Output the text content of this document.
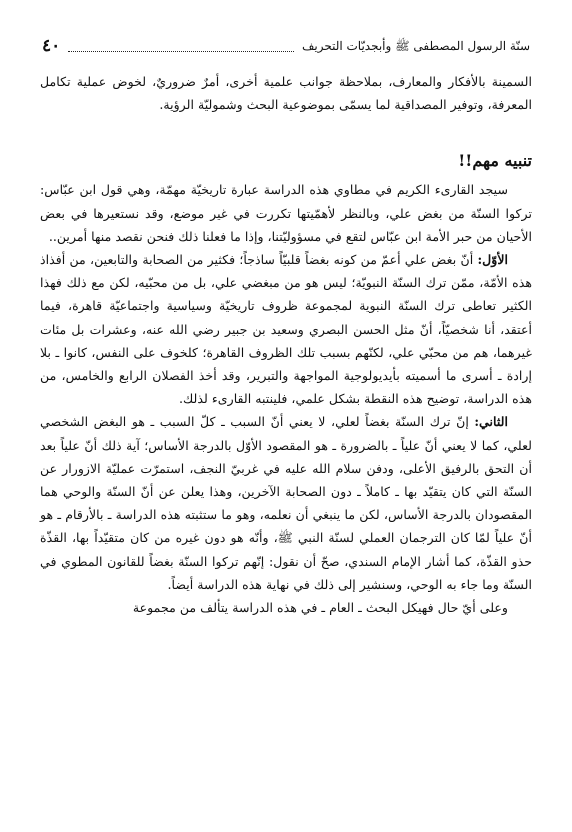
سنّة الرسول المصطفى ﷺ وأبجديّات التحريف
٤٠

السمينة بالأفكار والمعارف، بملاحظة جوانب علمية أخرى، أمرٌ ضروريٌ، لخوض عملية تكامل المعرفة، وتوفير المصداقية لما يسمّى بموضوعية البحث وشموليّة الرؤية.

تنبيه مهم!!

سيجد القارىء الكريم في مطاوي هذه الدراسة عبارة تاريخيّة مهمّة، وهي قول ابن عبّاس: تركوا السنّة من بغض علي، وبالنظر لأهمّيتها تكررت في غير موضع، وقد نستعيرها في بعض الأحيان من حبر الأمة ابن عبّاس لتقع في مسؤوليّتنا، وإذا ما فعلنا ذلك فنحن نقصد منها أمرين..

الأوّل: أنّ بغض علي أعمّ من كونه بغضاً قلبيّاً ساذجاً؛ فكثير من الصحابة والتابعين، من أفذاذ هذه الأمّة، ممّن ترك السنّة النبويّة؛ ليس هو من مبغضي علي، بل من محبّيه، لكن مع ذلك فهذا الكثير تعاطى ترك السنّة النبوية لمجموعة ظروف تاريخيّة وسياسية واجتماعيّة قاهرة، فيما أعتقد، أنا شخصيّاً، أنّ مثل الحسن البصري وسعيد بن جبير رضي الله عنه، وعشرات بل مئات غيرهما، هم من محبّي علي، لكنّهم بسبب تلك الظروف القاهرة؛ كلخوف على النفس، كانوا ـ بلا إرادة ـ أسرى ما أسميته بأيديولوجية المواجهة والتبرير، وقد أخذ الفصلان الرابع والخامس، من هذه الدراسة، توضيح هذه النقطة بشكل علمي، فلينتبه القارىء لذلك.

الثاني: إنّ ترك السنّة بغضاً لعلي، لا يعني أنّ السبب ـ كلّ السبب ـ هو البغض الشخصي لعلي، كما لا يعني أنّ علياً ـ بالضرورة ـ هو المقصود الأوّل بالدرجة الأساس؛ آية ذلك أنّ علياً بعد أن التحق بالرفيق الأعلى، ودفن سلام الله عليه في غربيّ النجف، استمرّت عمليّة الازورار عن السنّة التي كان يتقيّد بها ـ كاملاً ـ دون الصحابة الآخرين، وهذا يعلن عن أنّ السنّة والوحي هما المقصودان بالدرجة الأساس، لكن ما ينبغي أن نعلمه، وهو ما ستثبته هذه الدراسة ـ بالأرقام ـ هو أنّ علياً لمّا كان الترجمان العملي لسنّة النبي ﷺ، وأنّه هو دون غيره من كان متقيّداً بها، القذّة حذو القذّة، كما أشار الإمام السندي، صحّ أن نقول: إنّهم تركوا السنّة بغضاً للقانون المطوي في السنّة وما جاء به الوحي، وسنشير إلى ذلك في نهاية هذه الدراسة أيضاً.

وعلى أيّ حال فهيكل البحث ـ العام ـ في هذه الدراسة يتألف من مجموعة
